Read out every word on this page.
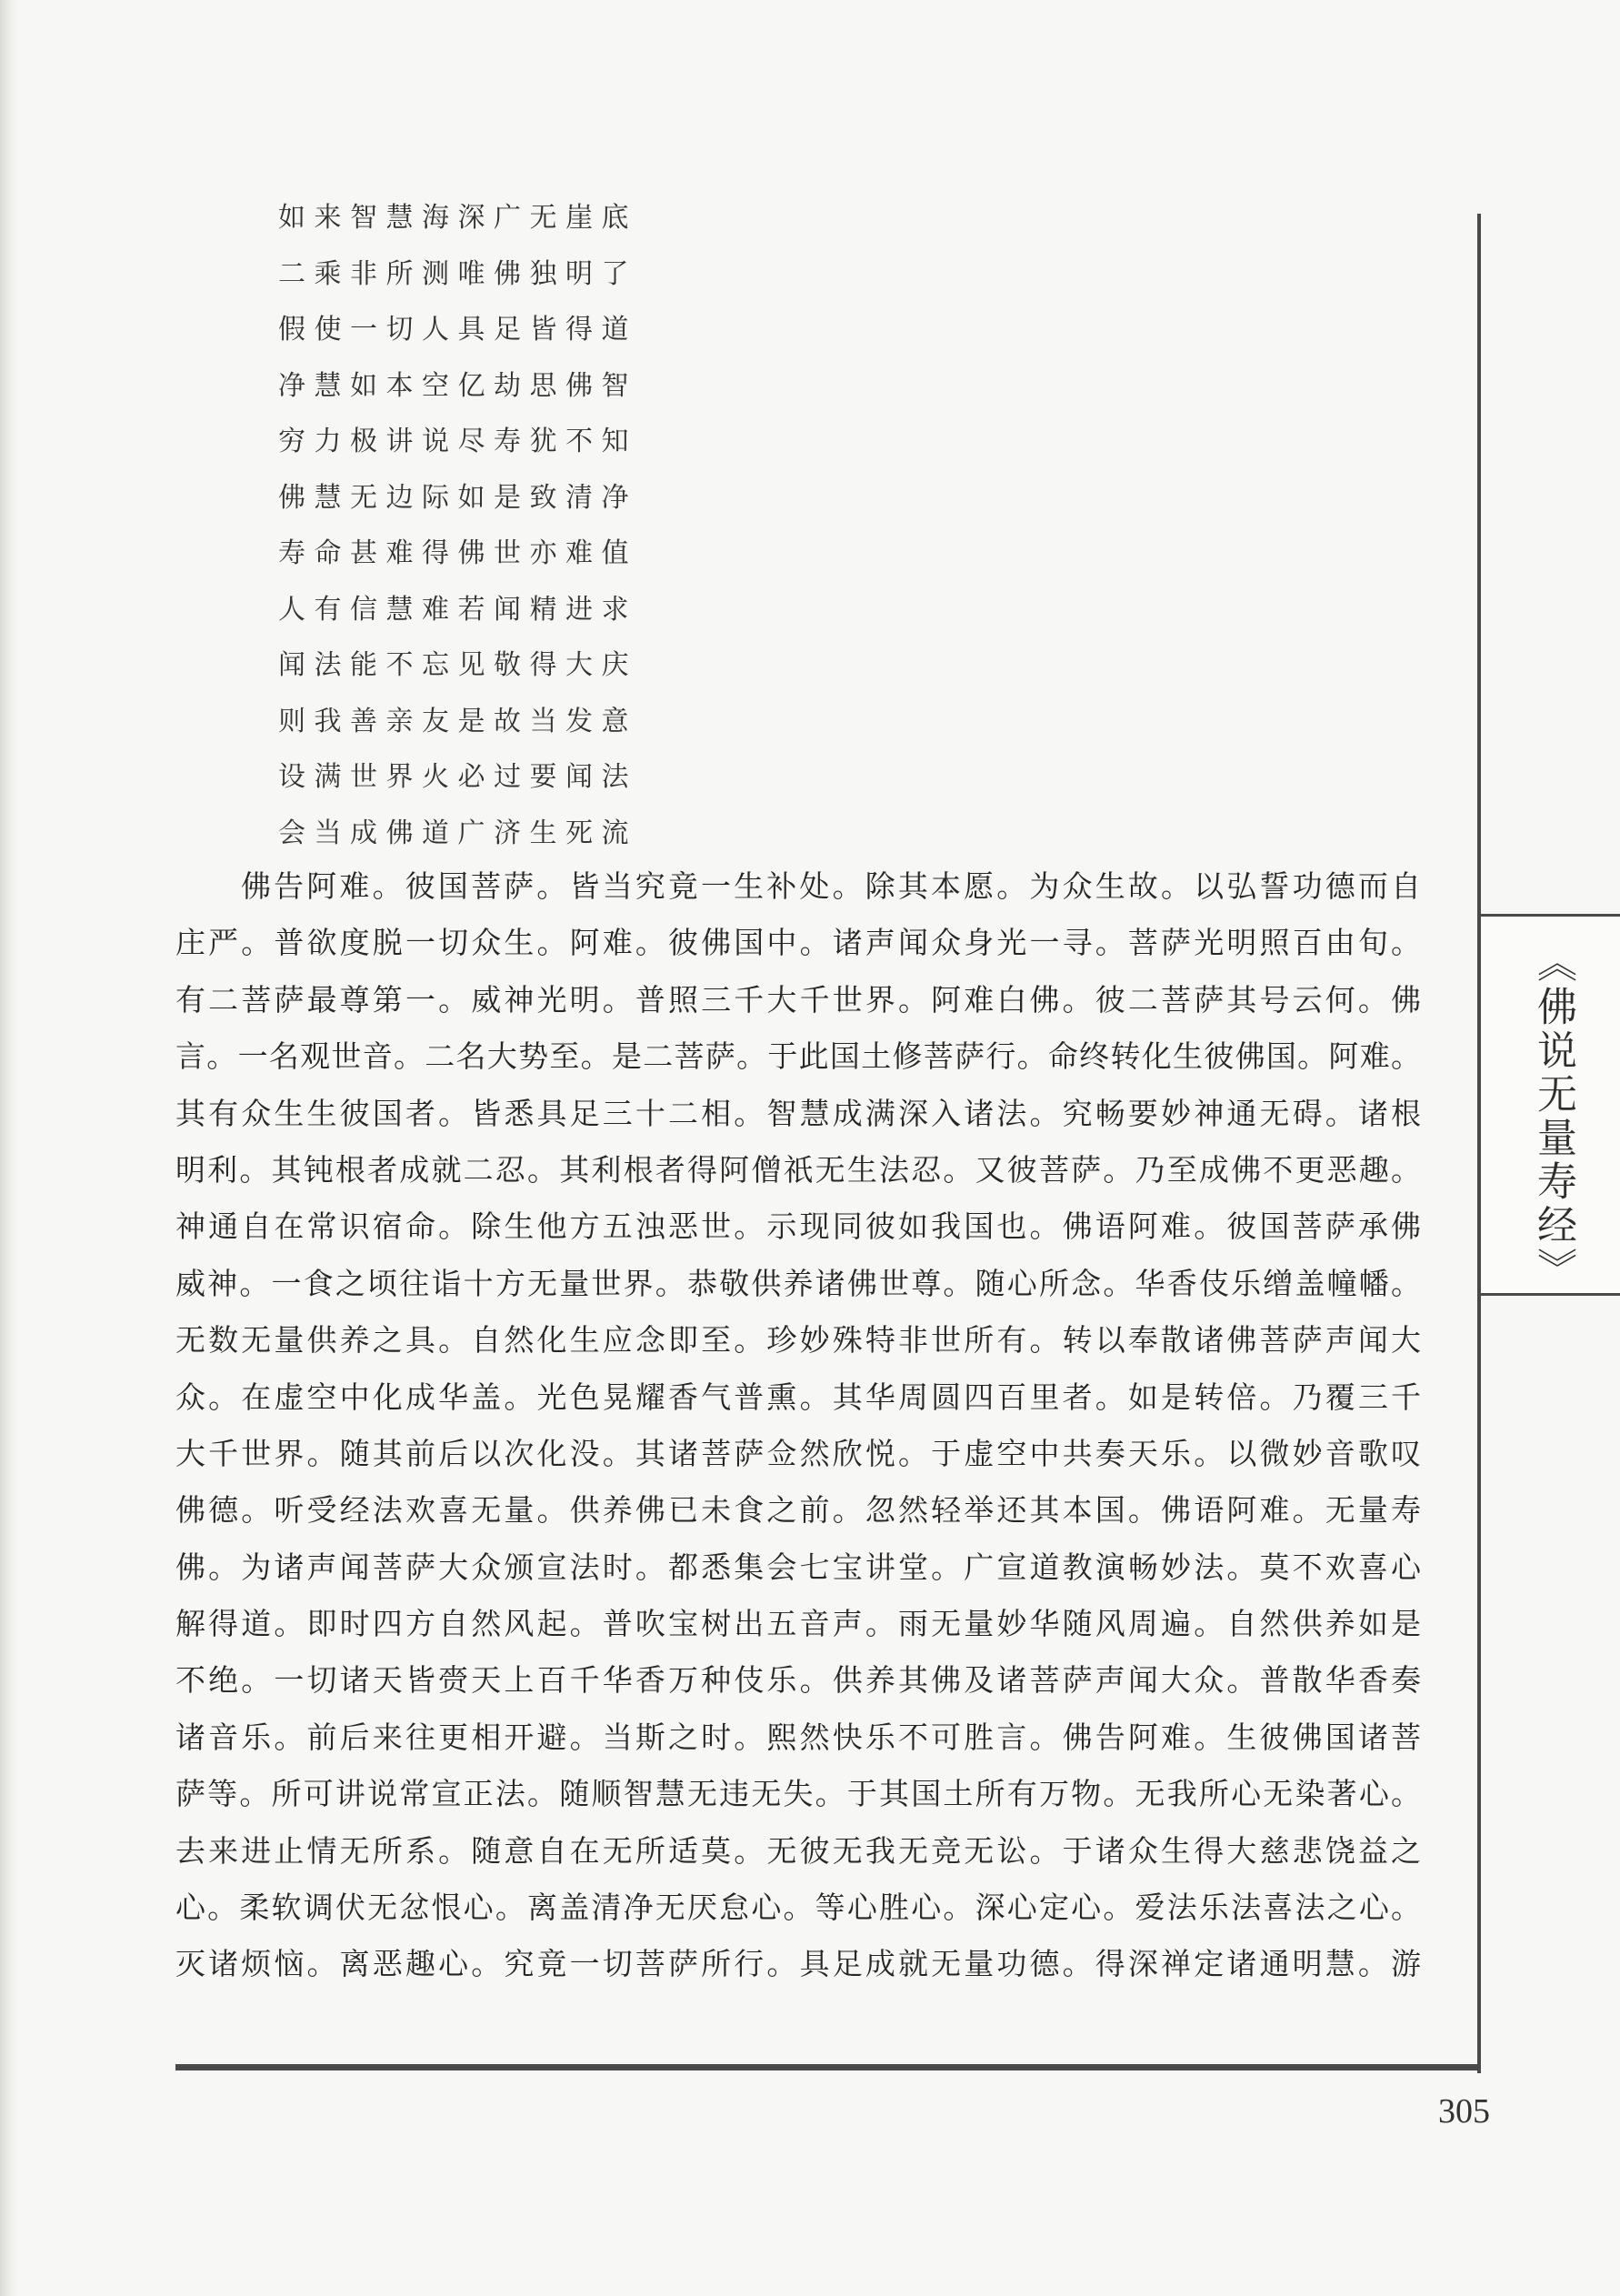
如来智慧海深广无崖底
二乘非所测唯佛独明了
假使一切人具足皆得道
净慧如本空亿劫思佛智
穷力极讲说尽寿犹不知
佛慧无边际如是致清净
寿命甚难得佛世亦难值
人有信慧难若闻精进求
闻法能不忘见敬得大庆
则我善亲友是故当发意
设满世界火必过要闻法
会当成佛道广济生死流
佛告阿难。彼国菩萨。皆当究竟一生补处。除其本愿。为众生故。以弘誓功德而自
庄严。普欲度脱一切众生。阿难。彼佛国中。诸声闻众身光一寻。菩萨光明照百由旬。
有二菩萨最尊第一。威神光明。普照三千大千世界。阿难白佛。彼二菩萨其号云何。佛
言。一名观世音。二名大势至。是二菩萨。于此国土修菩萨行。命终转化生彼佛国。阿难。
其有众生生彼国者。皆悉具足三十二相。智慧成满深入诸法。究畅要妙神通无碍。诸根
明利。其钝根者成就二忍。其利根者得阿僧祇无生法忍。又彼菩萨。乃至成佛不更恶趣。
神通自在常识宿命。除生他方五浊恶世。示现同彼如我国也。佛语阿难。彼国菩萨承佛
威神。一食之顷往诣十方无量世界。恭敬供养诸佛世尊。随心所念。华香伎乐缯盖幢幡。
无数无量供养之具。自然化生应念即至。珍妙殊特非世所有。转以奉散诸佛菩萨声闻大
众。在虚空中化成华盖。光色晃耀香气普熏。其华周圆四百里者。如是转倍。乃覆三千
大千世界。随其前后以次化没。其诸菩萨佥然欣悦。于虚空中共奏天乐。以微妙音歌叹
佛德。听受经法欢喜无量。供养佛已未食之前。忽然轻举还其本国。佛语阿难。无量寿
佛。为诸声闻菩萨大众颁宣法时。都悉集会七宝讲堂。广宣道教演畅妙法。莫不欢喜心
解得道。即时四方自然风起。普吹宝树出五音声。雨无量妙华随风周遍。自然供养如是
不绝。一切诸天皆赍天上百千华香万种伎乐。供养其佛及诸菩萨声闻大众。普散华香奏
诸音乐。前后来往更相开避。当斯之时。熙然快乐不可胜言。佛告阿难。生彼佛国诸菩
萨等。所可讲说常宣正法。随顺智慧无违无失。于其国土所有万物。无我所心无染著心。
去来进止情无所系。随意自在无所适莫。无彼无我无竞无讼。于诸众生得大慈悲饶益之
心。柔软调伏无忿恨心。离盖清净无厌怠心。等心胜心。深心定心。爱法乐法喜法之心。
灭诸烦恼。离恶趣心。究竟一切菩萨所行。具足成就无量功德。得深禅定诸通明慧。游
《佛说无量寿经》
305
